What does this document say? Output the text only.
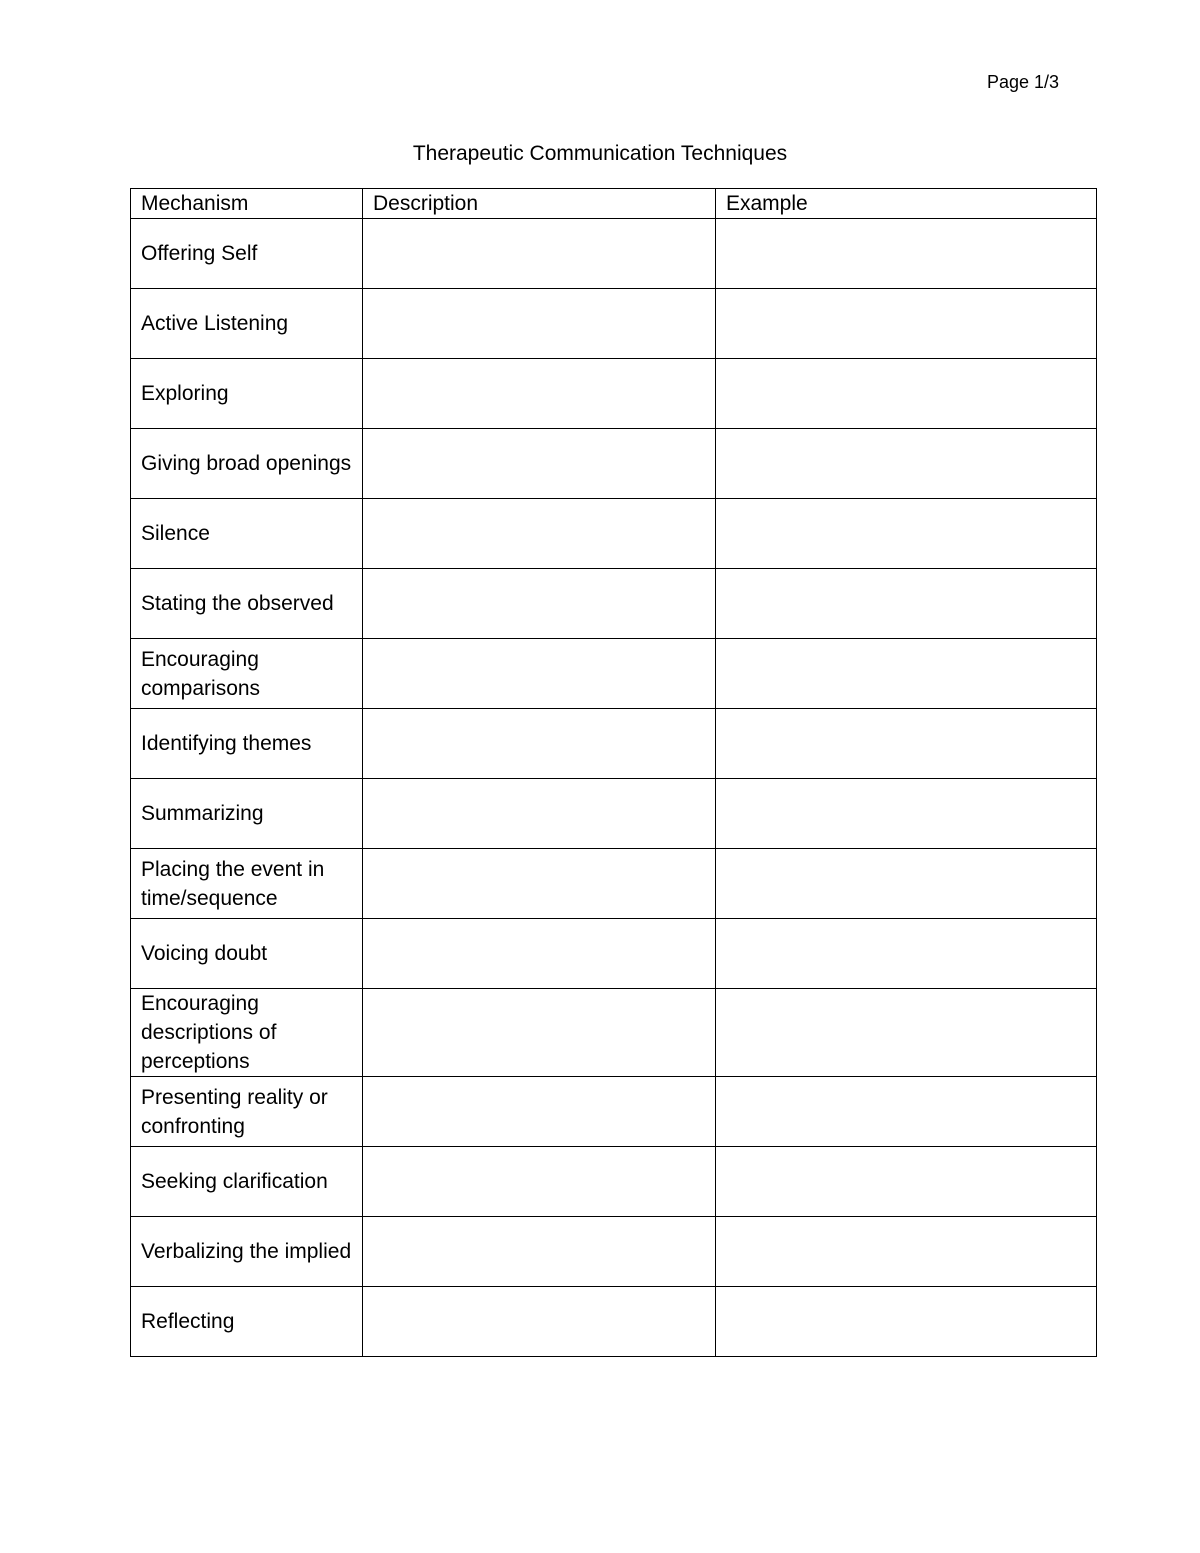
Page 1/3
Therapeutic Communication Techniques
Mechanism	Description	Example
Offering Self		
Active Listening		
Exploring		
Giving broad openings		
Silence		
Stating the observed		
Encouraging comparisons		
Identifying themes		
Summarizing		
Placing the event in time/sequence		
Voicing doubt		
Encouraging descriptions of perceptions		
Presenting reality or confronting		
Seeking clarification		
Verbalizing the implied		
Reflecting		
